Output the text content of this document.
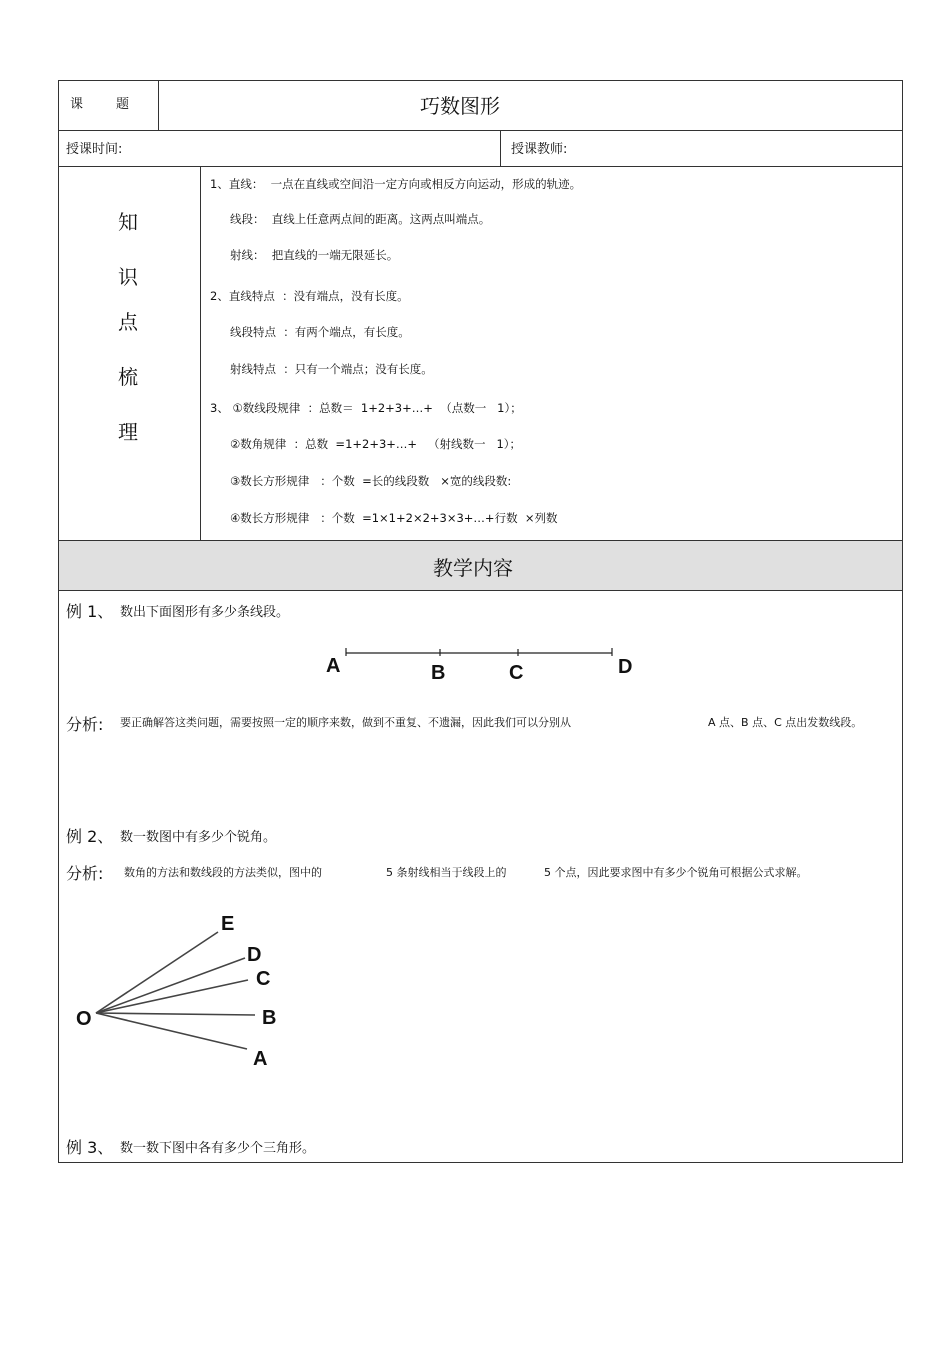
课        题	巧数图形
授课时间:	授课教师:
知
识
点
梳
理
1、直线：  一点在直线或空间沿一定方向或相反方向运动，形成的轨迹。
线段：  直线上任意两点间的距离。这两点叫端点。
射线：  把直线的一端无限延长。
2、直线特点  ：没有端点，没有长度。
线段特点  ：有两个端点，有长度。
射线特点  ：只有一个端点；没有长度。
3、 ①数线段规律  ：总数＝  1+2+3+…+  （点数一   1）；
②数角规律  ：总数  =1+2+3+…+   （射线数一   1）；
③数长方形规律   ：个数  =长的线段数   ×宽的线段数:
④数长方形规律   ：个数  =1×1+2×2+3×3+…+行数  ×列数
教学内容
例 1、 数出下面图形有多少条线段。
A	B	C	D
分析: 要正确解答这类问题，需要按照一定的顺序来数，做到不重复、不遗漏，因此我们可以分别从	A 点、B 点、C 点出发数线段。
例 2、 数一数图中有多少个锐角。
分析: 数角的方法和数线段的方法类似，图中的	5 条射线相当于线段上的	5 个点，因此要求图中有多少个锐角可根据公式求解。
O
E
D
C
B
A
例 3、 数一数下图中各有多少个三角形。
